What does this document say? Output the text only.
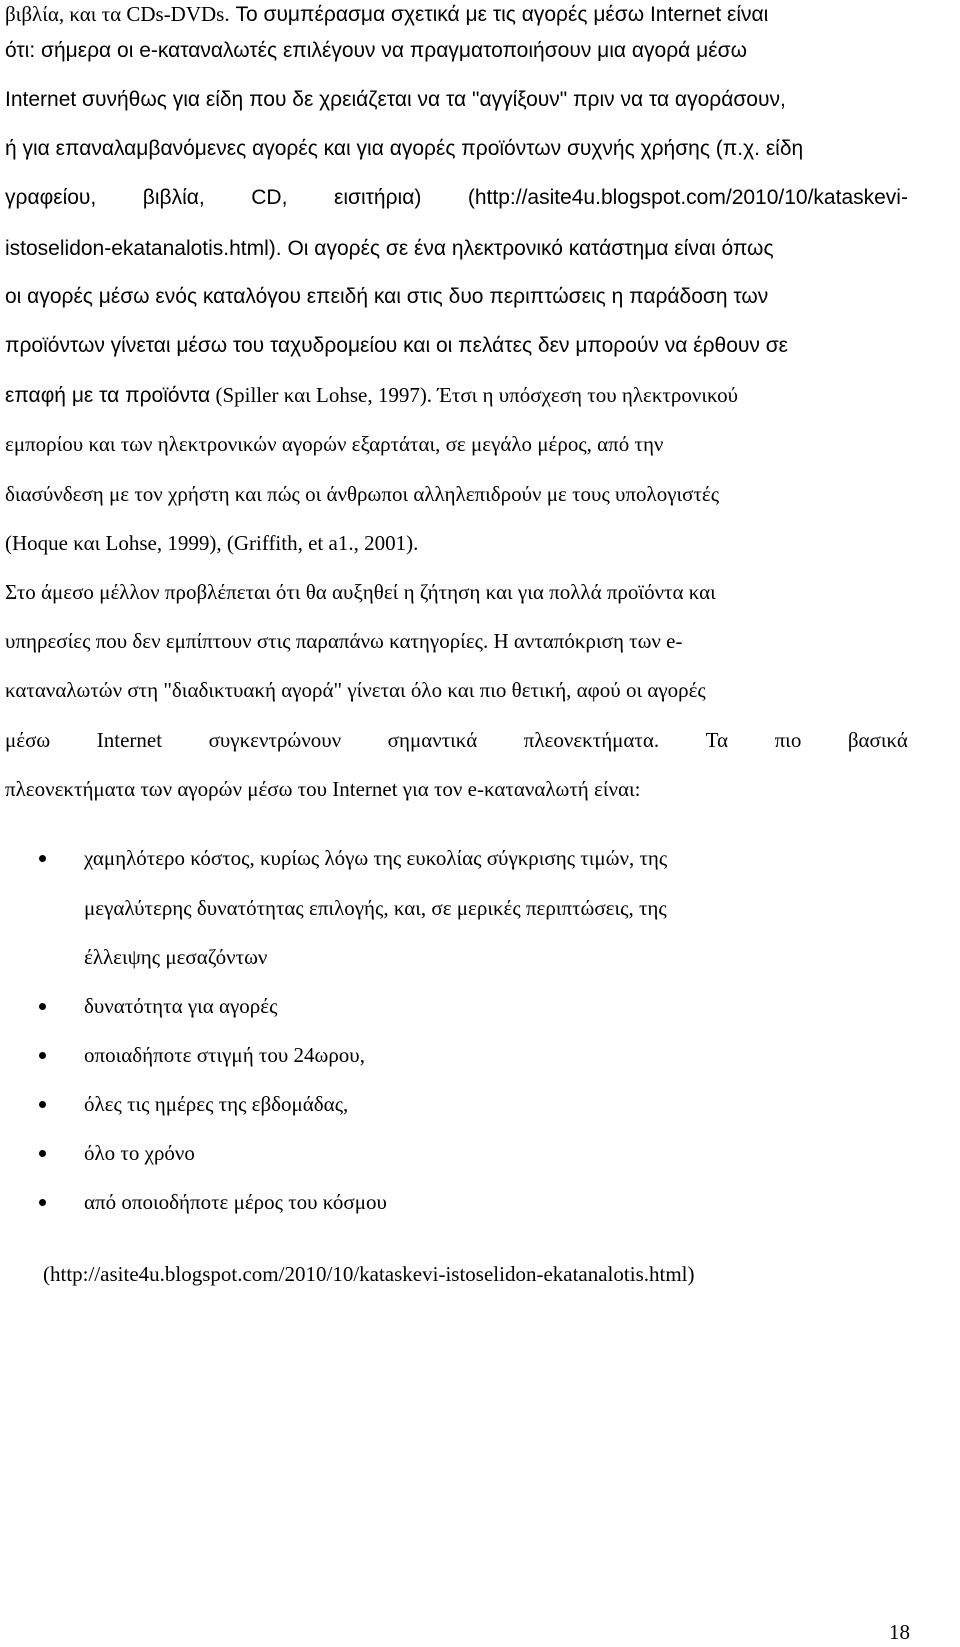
βιβλία, και τα CDs-DVDs. Το συμπέρασμα σχετικά με τις αγορές μέσω Internet είναι
ότι: σήμερα οι e-καταναλωτές επιλέγουν να πραγματοποιήσουν μια αγορά μέσω
Internet συνήθως για είδη που δε χρειάζεται να τα "αγγίξουν" πριν να τα αγοράσουν,
ή για επαναλαμβανόμενες αγορές και για αγορές προϊόντων συχνής χρήσης (π.χ. είδη
γραφείου, βιβλία, CD, εισιτήρια) (http://asite4u.blogspot.com/2010/10/kataskevi-
istoselidon-ekatanalotis.html). Οι αγορές σε ένα ηλεκτρονικό κατάστημα είναι όπως
οι αγορές μέσω ενός καταλόγου επειδή και στις δυο περιπτώσεις η παράδοση των
προϊόντων γίνεται μέσω του ταχυδρομείου και οι πελάτες δεν μπορούν να έρθουν σε
επαφή με τα προϊόντα (Spiller και Lohse, 1997). Έτσι η υπόσχεση του ηλεκτρονικού
εμπορίου και των ηλεκτρονικών αγορών εξαρτάται, σε μεγάλο μέρος, από την
διασύνδεση με τον χρήστη και πώς οι άνθρωποι αλληλεπιδρούν με τους υπολογιστές
(Hoque και Lohse, 1999), (Griffith, et a1., 2001).
Στο άμεσο μέλλον προβλέπεται ότι θα αυξηθεί η ζήτηση και για πολλά προϊόντα και
υπηρεσίες που δεν εμπίπτουν στις παραπάνω κατηγορίες. Η ανταπόκριση των e-
καταναλωτών στη "διαδικτυακή αγορά" γίνεται όλο και πιο θετική, αφού οι αγορές
μέσω Internet συγκεντρώνουν σημαντικά πλεονεκτήματα. Τα πιο βασικά
πλεονεκτήματα των αγορών μέσω του Internet για τον e-καταναλωτή είναι:
χαμηλότερο κόστος, κυρίως λόγω της ευκολίας σύγκρισης τιμών, της
μεγαλύτερης δυνατότητας επιλογής, και, σε μερικές περιπτώσεις, της
έλλειψης μεσαζόντων
δυνατότητα για αγορές
οποιαδήποτε στιγμή του 24ωρου,
όλες τις ημέρες της εβδομάδας,
όλο το χρόνο
από οποιοδήποτε μέρος του κόσμου
(http://asite4u.blogspot.com/2010/10/kataskevi-istoselidon-ekatanalotis.html)
18
